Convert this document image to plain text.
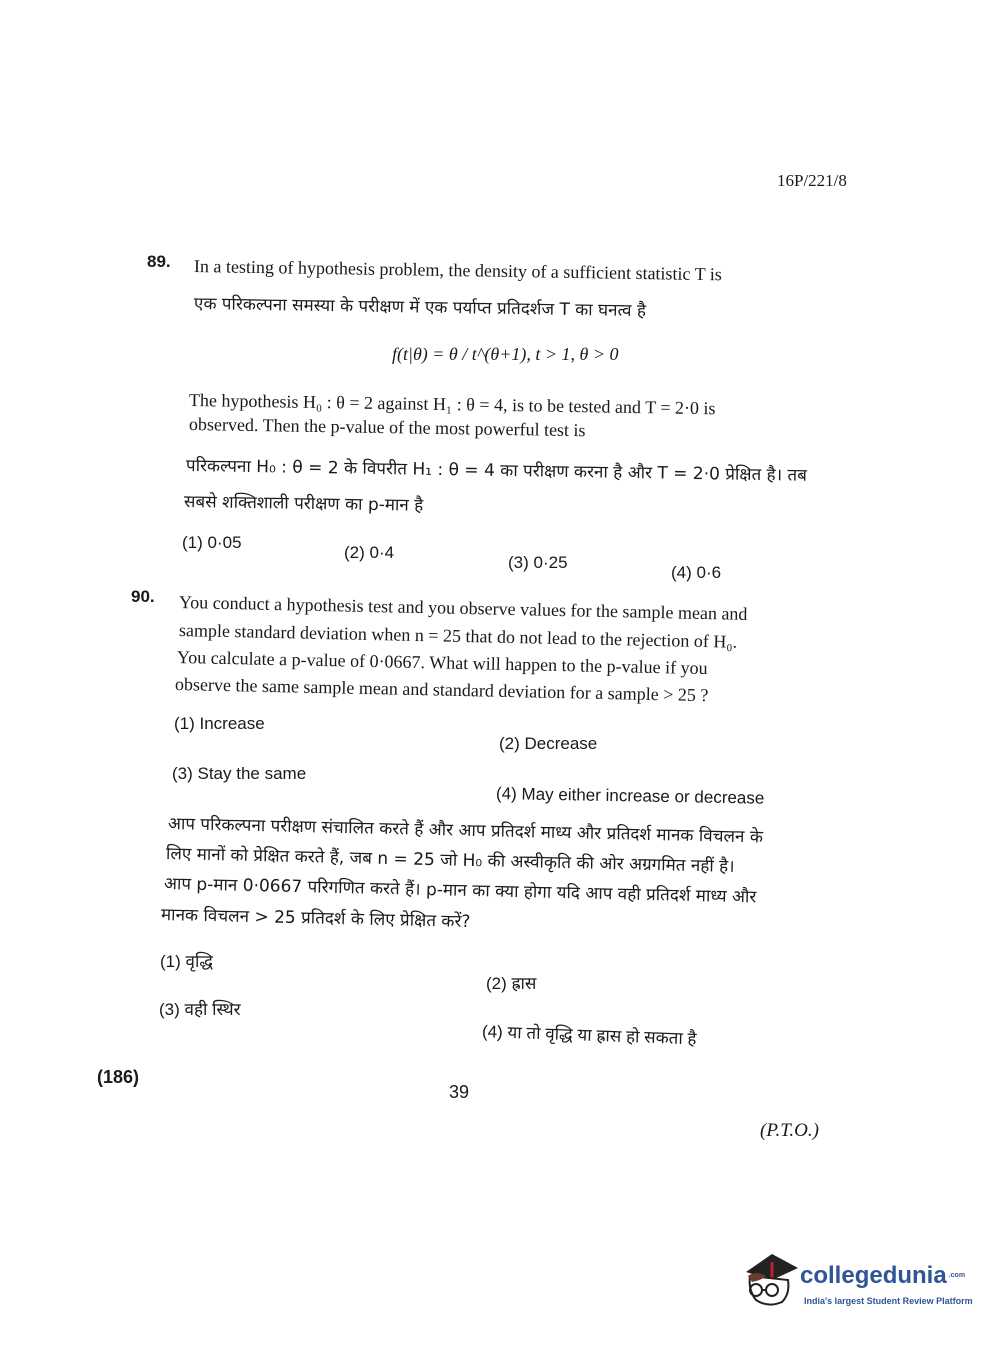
16P/221/8
89. In a testing of hypothesis problem, the density of a sufficient statistic T is
एक परिकल्पना समस्या के परीक्षण में एक पर्याप्त प्रतिदर्शज T का घनत्व है
f(t|θ) = θ / t^(θ+1), t > 1, θ > 0
The hypothesis H₀ : θ = 2 against H₁ : θ = 4, is to be tested and T = 2·0 is
observed. Then the p-value of the most powerful test is
परिकल्पना H₀ : θ = 2 के विपरीत H₁ : θ = 4 का परीक्षण करना है और T = 2·0 प्रेक्षित है। तब
सबसे शक्तिशाली परीक्षण का p-मान है
(1) 0·05
(2) 0·4
(3) 0·25
(4) 0·6
90. You conduct a hypothesis test and you observe values for the sample mean and
sample standard deviation when n = 25 that do not lead to the rejection of H₀.
You calculate a p-value of 0·0667. What will happen to the p-value if you
observe the same sample mean and standard deviation for a sample > 25 ?
(1) Increase
(2) Decrease
(3) Stay the same
(4) May either increase or decrease
आप परिकल्पना परीक्षण संचालित करते हैं और आप प्रतिदर्श माध्य और प्रतिदर्श मानक विचलन के
लिए मानों को प्रेक्षित करते हैं, जब n = 25 जो H₀ की अस्वीकृति की ओर अग्रगमित नहीं है।
आप p-मान 0·0667 परिगणित करते हैं। p-मान का क्या होगा यदि आप वही प्रतिदर्श माध्य और
मानक विचलन > 25 प्रतिदर्श के लिए प्रेक्षित करें?
(1) वृद्धि
(2) ह्रास
(3) वही स्थिर
(4) या तो वृद्धि या ह्रास हो सकता है
(186)
39
(P.T.O.)
collegedunia .com
India's largest Student Review Platform
